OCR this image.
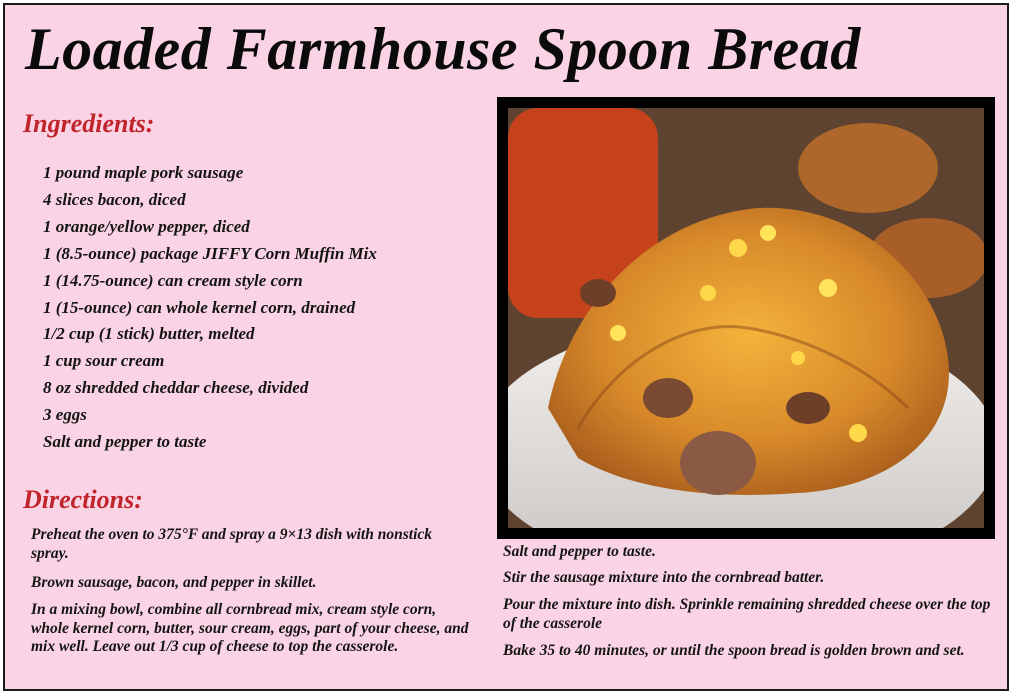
Loaded Farmhouse Spoon Bread
Ingredients:
1 pound maple pork sausage
4 slices bacon, diced
1 orange/yellow pepper, diced
1 (8.5-ounce) package JIFFY Corn Muffin Mix
1 (14.75-ounce) can cream style corn
1 (15-ounce) can whole kernel corn, drained
1/2 cup (1 stick) butter, melted
1 cup sour cream
8 oz shredded cheddar cheese, divided
3 eggs
Salt and pepper to taste
Directions:

Preheat the oven to 375°F and spray a 9×13 dish with nonstick spray.

Brown sausage, bacon, and pepper in skillet.

In a mixing bowl, combine all cornbread mix, cream style corn, whole kernel corn, butter, sour cream, eggs, part of your cheese, and mix well. Leave out 1/3 cup of cheese to top the casserole.

Salt and pepper to taste.

Stir the sausage mixture into the cornbread batter.

Pour the mixture into dish. Sprinkle remaining shredded cheese over the top of the casserole

Bake 35 to 40 minutes, or until the spoon bread is golden brown and set.
